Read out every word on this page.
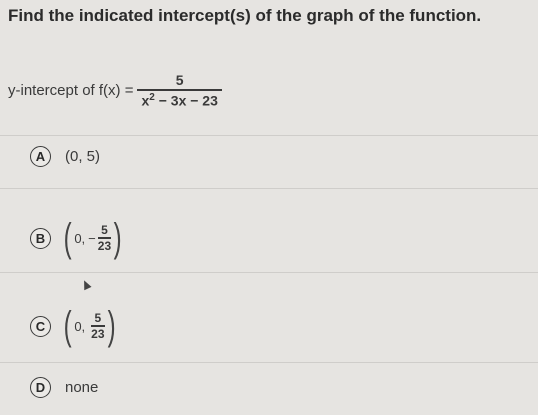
Find the indicated intercept(s) of the graph of the function.
y-intercept of $f(x) = \frac{5}{x^2 - 3x - 23}$
A	(0, 5)
B ( 0, −
5
23 )
C ( 0,
5
23 )
D	none
